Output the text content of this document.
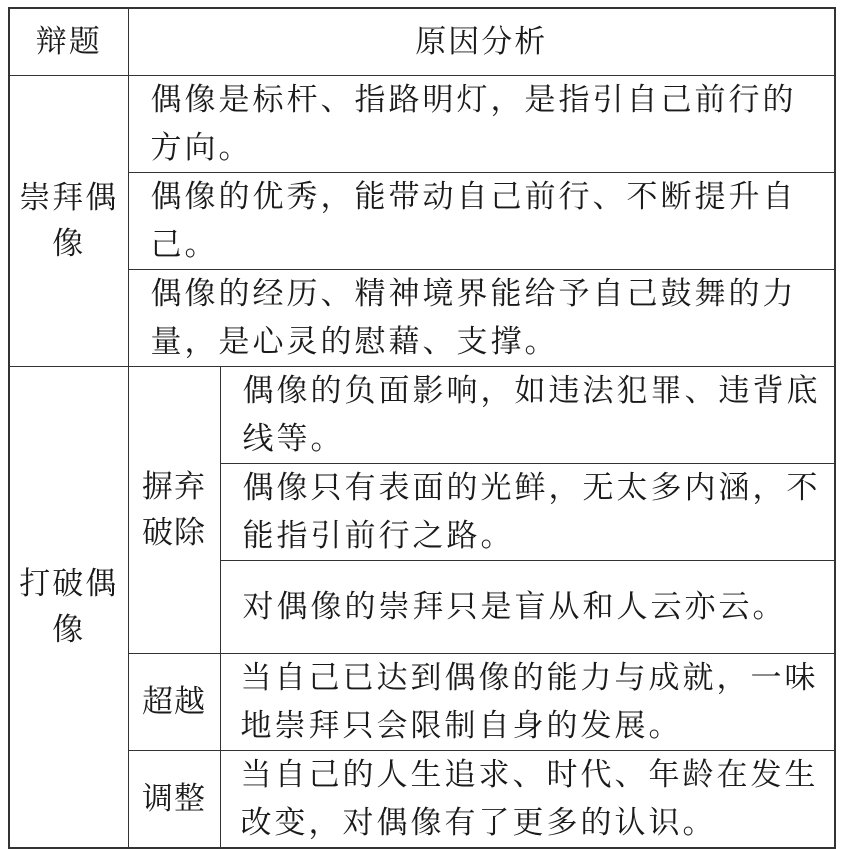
辩题	原因分析	
崇拜偶像	偶像是标杆、指路明灯，是指引自己前行的方向。	
	偶像的优秀，能带动自己前行、不断提升自己。	
	偶像的经历、精神境界能给予自己鼓舞的力量，是心灵的慰藉、支撑。	
打破偶像	摒弃破除	偶像的负面影响，如违法犯罪、违背底线等。
		偶像只有表面的光鲜，无太多内涵，不能指引前行之路。
		对偶像的崇拜只是盲从和人云亦云。
	超越	当自己已达到偶像的能力与成就，一味地崇拜只会限制自身的发展。
	调整	当自己的人生追求、时代、年龄在发生改变，对偶像有了更多的认识。
